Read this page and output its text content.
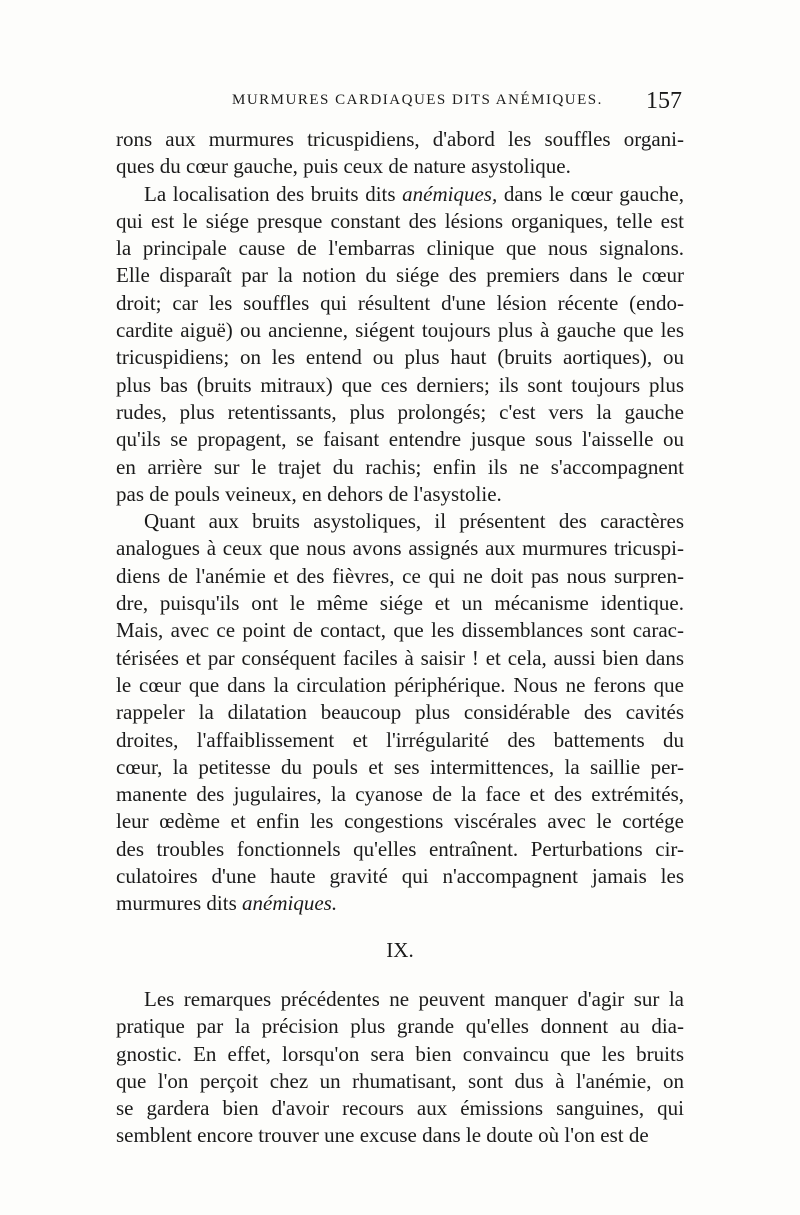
MURMURES CARDIAQUES DITS ANÉMIQUES. 157
rons aux murmures tricuspidiens, d'abord les souffles organi-
ques du cœur gauche, puis ceux de nature asystolique.
La localisation des bruits dits anémiques, dans le cœur gauche,
qui est le siége presque constant des lésions organiques, telle est
la principale cause de l'embarras clinique que nous signalons.
Elle disparaît par la notion du siége des premiers dans le cœur
droit; car les souffles qui résultent d'une lésion récente (endo-
cardite aiguë) ou ancienne, siégent toujours plus à gauche que les
tricuspidiens; on les entend ou plus haut (bruits aortiques), ou
plus bas (bruits mitraux) que ces derniers; ils sont toujours plus
rudes, plus retentissants, plus prolongés; c'est vers la gauche
qu'ils se propagent, se faisant entendre jusque sous l'aisselle ou
en arrière sur le trajet du rachis; enfin ils ne s'accompagnent
pas de pouls veineux, en dehors de l'asystolie.
Quant aux bruits asystoliques, il présentent des caractères
analogues à ceux que nous avons assignés aux murmures tricuspi-
diens de l'anémie et des fièvres, ce qui ne doit pas nous surpren-
dre, puisqu'ils ont le même siége et un mécanisme identique.
Mais, avec ce point de contact, que les dissemblances sont carac-
térisées et par conséquent faciles à saisir ! et cela, aussi bien dans
le cœur que dans la circulation périphérique. Nous ne ferons que
rappeler la dilatation beaucoup plus considérable des cavités
droites, l'affaiblissement et l'irrégularité des battements du
cœur, la petitesse du pouls et ses intermittences, la saillie per-
manente des jugulaires, la cyanose de la face et des extrémités,
leur œdème et enfin les congestions viscérales avec le cortége
des troubles fonctionnels qu'elles entraînent. Perturbations cir-
culatoires d'une haute gravité qui n'accompagnent jamais les
murmures dits anémiques.
IX.
Les remarques précédentes ne peuvent manquer d'agir sur la
pratique par la précision plus grande qu'elles donnent au dia-
gnostic. En effet, lorsqu'on sera bien convaincu que les bruits
que l'on perçoit chez un rhumatisant, sont dus à l'anémie, on
se gardera bien d'avoir recours aux émissions sanguines, qui
semblent encore trouver une excuse dans le doute où l'on est de
